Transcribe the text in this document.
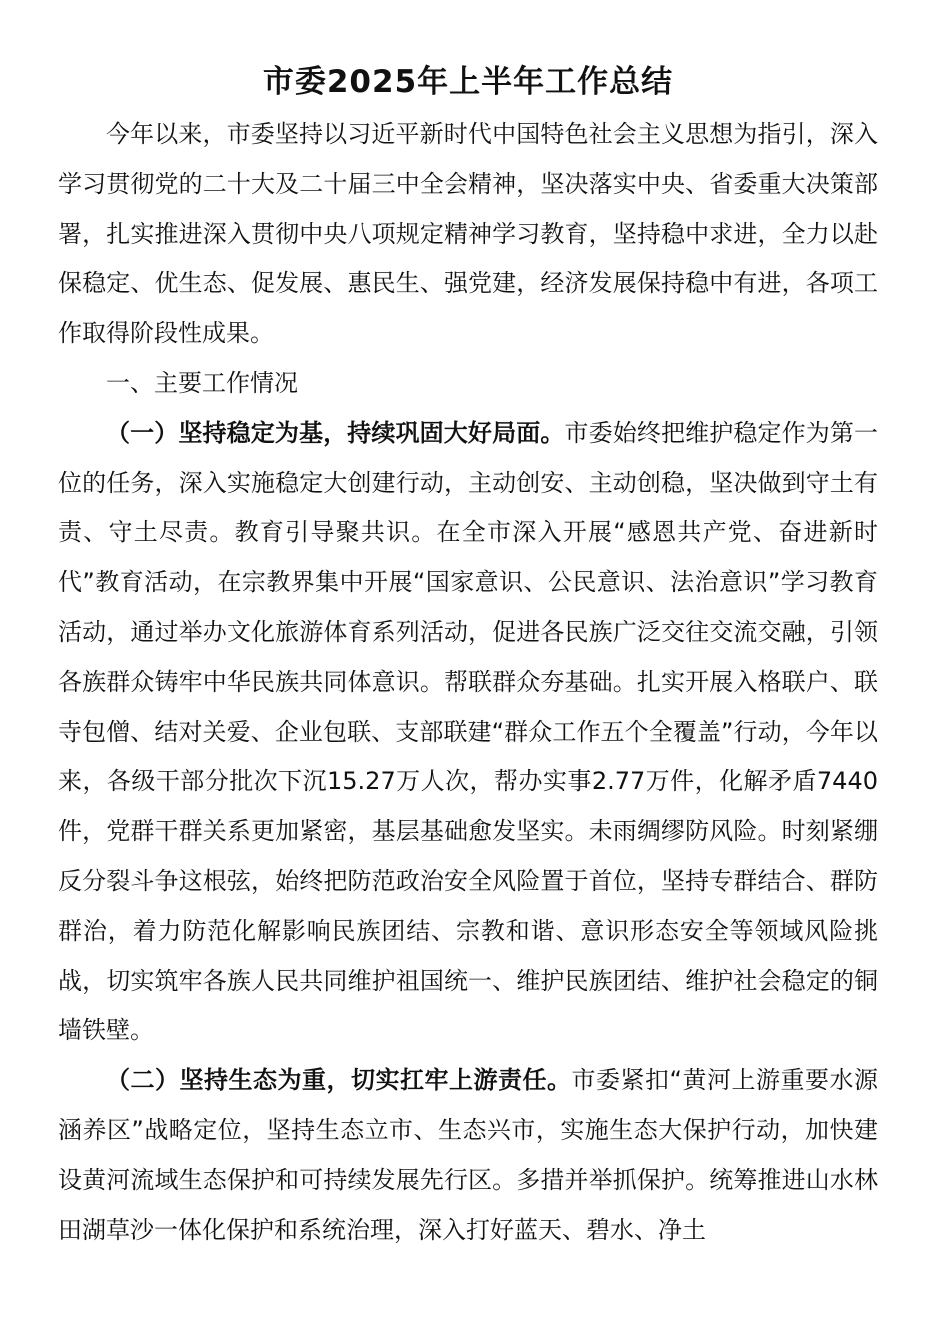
市委2025年上半年工作总结

今年以来，市委坚持以习近平新时代中国特色社会主义思想为指引，深入学习贯彻党的二十大及二十届三中全会精神，坚决落实中央、省委重大决策部署，扎实推进深入贯彻中央八项规定精神学习教育，坚持稳中求进，全力以赴保稳定、优生态、促发展、惠民生、强党建，经济发展保持稳中有进，各项工作取得阶段性成果。

一、主要工作情况

（一）坚持稳定为基，持续巩固大好局面。市委始终把维护稳定作为第一位的任务，深入实施稳定大创建行动，主动创安、主动创稳，坚决做到守土有责、守土尽责。教育引导聚共识。在全市深入开展“感恩共产党、奋进新时代”教育活动，在宗教界集中开展“国家意识、公民意识、法治意识”学习教育活动，通过举办文化旅游体育系列活动，促进各民族广泛交往交流交融，引领各族群众铸牢中华民族共同体意识。帮联群众夯基础。扎实开展入格联户、联寺包僧、结对关爱、企业包联、支部联建“群众工作五个全覆盖”行动，今年以来，各级干部分批次下沉15.27万人次，帮办实事2.77万件，化解矛盾7440件，党群干群关系更加紧密，基层基础愈发坚实。未雨绸缪防风险。时刻紧绷反分裂斗争这根弦，始终把防范政治安全风险置于首位，坚持专群结合、群防群治，着力防范化解影响民族团结、宗教和谐、意识形态安全等领域风险挑战，切实筑牢各族人民共同维护祖国统一、维护民族团结、维护社会稳定的铜墙铁壁。

（二）坚持生态为重，切实扛牢上游责任。市委紧扣“黄河上游重要水源涵养区”战略定位，坚持生态立市、生态兴市，实施生态大保护行动，加快建设黄河流域生态保护和可持续发展先行区。多措并举抓保护。统筹推进山水林田湖草沙一体化保护和系统治理，深入打好蓝天、碧水、净土
